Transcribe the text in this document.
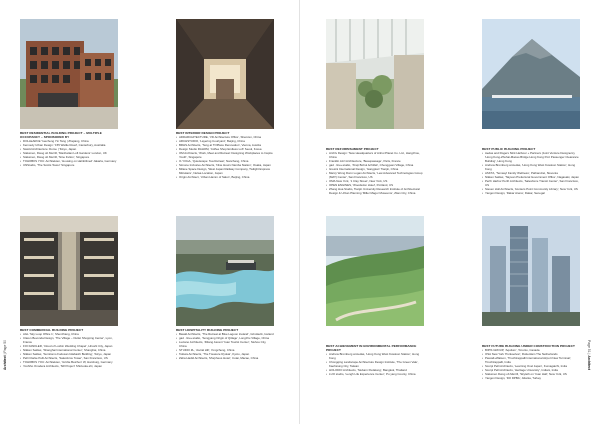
BEST RESIDENTIAL BUILDING PROJECT – MULTIPLE OCCUPANCY – SPONSORED BY
• DOLLEARCE Yuecheng Yin Tang | Zhejiang, China
• Kennedy Urban Design: '155 Wattle Road', Canterbury, Australia
• Swiold Architecture: Dome | Tokyo, Japan
• Stalumen, Dwog ob Merrill, 'Manhattan Loft Gardens' London, UK
• Stalumen, Dwog ob Merrill, 'Nine Fulton', Singapore
• TOHOBKS YOU: Architekten, 'Housing on Halnbiltned' Jakarta, Germany
• UNStudio, 'The Scotts Tower' Singapore
BEST INTERIOR DESIGN PROJECT
• ADDARCHITECTURE, 'VD Architecture Office', Shenzen, China
• ARCHSTUDIO, 'Layering Courtyard', Beijing, China
• BRHS Architects, 'Teng at TOPlace Renovation', Vienna, Austria
• Design Studio RAHOM, 'Coffee Shop Endless Loft' Seoul, Korea
• OM Architects, 'Work, Meet and Retreat: Designing Workplaces to Inspire Youth', Singapore
• O-YOGA, 'Quietscape: Tea Retreat', Nanchang, China
• Simone Inclusive Architects, 'Nine Hours Namba Station', Osaka, Japan
• Milane Space Design, 'West Japan Railway Company, Twilight Express Mizukaze', Neiwa Location, Japan
• Origin Architect, 'Urban Hamm of Salon', Beijing, China
BEST REFURBISHMENT PROJECT
• Archiv Design: 'New Headquarters of Anhui Planet Co. Ltd., Hangzhou, China
• Franklin Azzi Architecture, 'Beaupassage', Paris, France
• gad · line+studio, 'Xinqi Bohui Achiilsk', Chengguan Village, China
• Gresini International Design, 'Gangpian' Tianjin, China
• Marcy Wong Donn Logan Architects, 'Lew Advanced Technologies Group (MAT) Center', San Francisco, US
• OMA New York, '1 Clay Street', New York, US
• OPEN ENGINES, 'Woodsdon Hotel', Portland, US
• Zhang Hua Studio, Tianjin University Research Institute of Architectural Design & Urban Planning 'Miller Magor Museums', Zitan City, China
BEST PUBLIC BUILDING PROJECT
• Aedas and Rogers Stirk Harbour + Partners (Joint Venture Designers), 'Hong Kong-Zhuhai-Macao Bridge Hong Kong Port Passenger Clearance Building', Hong Kong
• Andrew Bromberg at Aedas, 'Hong Kong West Kowloon Station', Hong Kong
• ASKTA, 'Temasyl Family Wellness', Pathandret, Slovenia
• Nikken Sekkei, 'Taiyuan Prefectural Government Office', Nagasaki, Japan
• Perth Harbor Perth Architects, 'Salesforce Transit Center', San Francisco, US
• Steven Holl Architects, 'Hunters Point Community Library', New York, US
• Yangon Design, 'Dakar Arena', Dakar, Senegal
BEST COMMERCIAL BUILDING PROJECT
• AGL 'Sky Loop Office 1', Shenzhang, China
• Claren Bevonda Design, 'The Village – Outlet Shopping Center', Lyon, France
• FOI FANKLER, 'Cloud of Luxbin Wedding Chapel', Hiroshi City, Japan
• Nikken Sekkei, 'Shanghai International Center', Shanghai, China
• Nikken Sekkei, 'Sumitomo Fudosan Iidabashi Building', Tokyo, Japan
• Pelli Clarke Pelli Architects, 'Salesforce Tower', San Francisco, US
• TOHOBKS YOU: Architekten, 'Grüße Beichen' W, Hamburg, Germany
• Yoshiho Onodera Architects, 'SR Project' Shizuoka-shi, Japan
BEST HOSPITALITY BUILDING PROJECT
• Basalt Architects, 'The Retreat at Blue Lagoon Iceland', Grindavík, Iceland
• gad · line+studio, 'Songyang Origin of Qitlage', Longzhu Village, China
• Luciano Architects, 'Ziliang Ascent Yuan Tourist Center', Siuhou City, China
• STUDIO ZL, 'Ascial Hill', Yongcheng, China
• Tokiwa Architects, 'The Treasure Ryokai', Kyoto, Japan
• Zaha Hadid Architects, 'Morpheus Hotel', Cotai, Macao, China
BEST ACHIEVEMENT IN ENVIRONMENTAL PERFORMANCE PROJECT
• Andrew Bromberg at Aedas, 'Hong Kong West Kowloon Station', Hong Kong
• Chongqing Landscape Architecture Design Institute, 'The Green Vale', Kaohsiung City, Taiwan
• HOLODIO Architects, 'Siubarn Pedalong', Bangkok, Thailand
• LUO studio, 'Lengh Life Experience Center', Pu yang County, China
BEST FUTURE BUILDING UNDER CONSTRUCTION PROJECT
• BIPIS GROUP, 'Aquilum', Toronto, Canada
• OSA New York 'Punkoolvar', Rotterdam The Netherlands
• Pascall+Watson, 'Tiruchirappalli International Airport New Terminal', Tiruchirappalli, India
• Scorpi Pelli Architects, 'Learning Ovel Japan', Kumagatchi, India
• Scorpi Pelli Architects, 'Heritage University', Indiani, India
• Stalumen Dwog ob Merrill, 'Skyleth on Yuan Hall', New York, US
• Yangon Design, 'DO DPBA', Atlanta, Turkey
Architect | Page 50	Page 51 | Architect
